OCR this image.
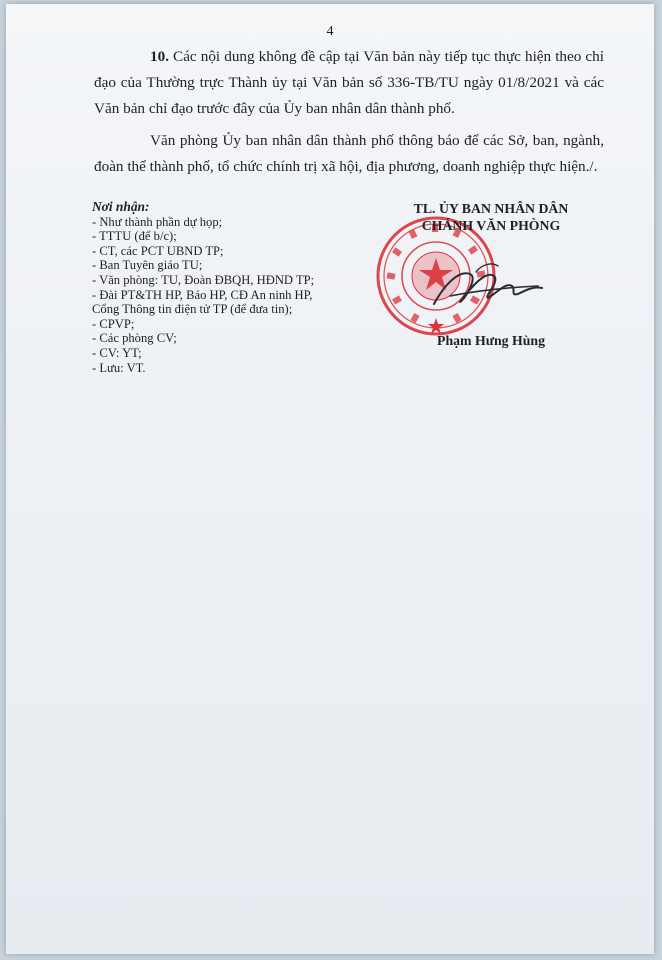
4

10. Các nội dung không đề cập tại Văn bản này tiếp tục thực hiện theo chỉ đạo của Thường trực Thành ủy tại Văn bản số 336-TB/TU ngày 01/8/2021 và các Văn bản chỉ đạo trước đây của Ủy ban nhân dân thành phố.

Văn phòng Ủy ban nhân dân thành phố thông báo để các Sở, ban, ngành, đoàn thể thành phố, tổ chức chính trị xã hội, địa phương, doanh nghiệp thực hiện./.

Nơi nhận:
- Như thành phần dự họp;
- TTTU (để b/c);
- CT, các PCT UBND TP;
- Ban Tuyên giáo TU;
- Văn phòng: TU, Đoàn ĐBQH, HĐND TP;
- Đài PT&TH HP, Báo HP, CĐ An ninh HP,
Cổng Thông tin điện tử TP (để đưa tin);
- CPVP;
- Các phòng CV;
- CV: YT;
- Lưu: VT.
TL. ỦY BAN NHÂN DÂN
CHÁNH VĂN PHÒNG
Phạm Hưng Hùng
